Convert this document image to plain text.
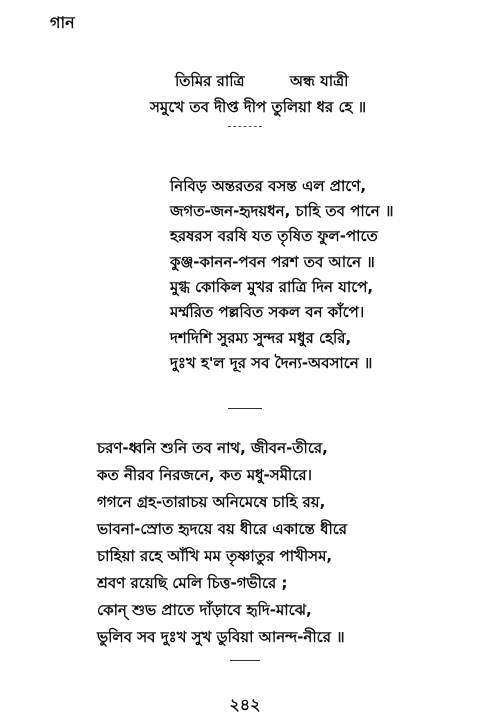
গান
তিমির রাত্রি	অন্ধ যাত্রী
সমুখে তব দীপ্ত দীপ তুলিয়া ধর হে ॥
নিবিড় অন্তরতর বসন্ত এল প্রাণে,
জগত-জন-হৃদয়ধন, চাহি তব পানে ॥
হরষরস বরষি যত তৃষিত ফুল-পাতে
কুঞ্জ-কানন-পবন পরশ তব আনে ॥
মুগ্ধ কোকিল মুখর রাত্রি দিন যাপে,
মর্ম্মরিত পল্লবিত সকল বন কাঁপে।
দশদিশি সুরম্য সুন্দর মধুর হেরি,
দুঃখ হ'ল দূর সব দৈন্য-অবসানে ॥
চরণ-ধ্বনি শুনি তব নাথ, জীবন-তীরে,
কত নীরব নিরজনে, কত মধু-সমীরে।
গগনে গ্রহ-তারাচয় অনিমেষে চাহি রয়,
ভাবনা-স্রোত হৃদয়ে বয় ধীরে একান্তে ধীরে
চাহিয়া রহে আঁখি মম তৃষ্ণাতুর পাখীসম,
শ্রবণ রয়েছি মেলি চিত্ত-গভীরে ;
কোন্ শুভ প্রাতে দাঁড়াবে হৃদি-মাঝে,
ভুলিব সব দুঃখ সুখ ডুবিয়া আনন্দ-নীরে ॥
২৪২
